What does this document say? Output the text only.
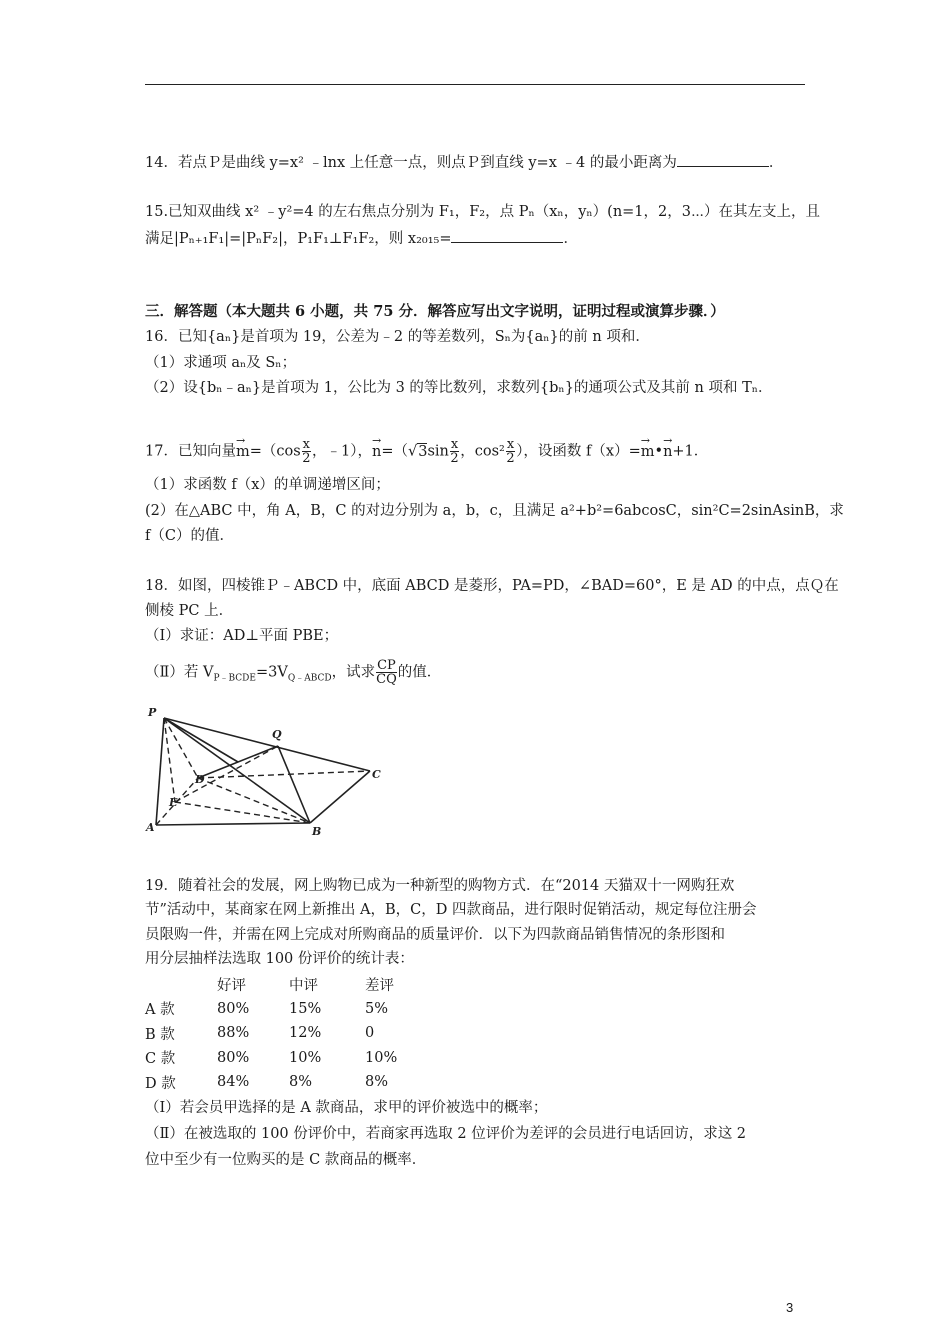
14．若点Ｐ是曲线 y=x² ﹣lnx 上任意一点，则点Ｐ到直线 y=x ﹣4 的最小距离为	．
15.已知双曲线 x² ﹣y²=4 的左右焦点分别为 F₁，F₂，点 Pₙ（xₙ，yₙ）(n=1，2，3⋯）在其左支上，且
满足|Pₙ₊₁F₁|=|PₙF₂|，P₁F₁⊥F₁F₂，则 x₂₀₁₅=	．
三．解答题（本大题共 6 小题，共 75 分．解答应写出文字说明，证明过程或演算步骤．）
16．已知{aₙ}是首项为 19，公差为﹣2 的等差数列，Sₙ为{aₙ}的前 n 项和．
（1）求通项 aₙ及 Sₙ；
（2）设{bₙ﹣aₙ}是首项为 1，公比为 3 的等比数列，求数列{bₙ}的通项公式及其前 n 项和 Tₙ．
17．已知向量→ $m=(\cos \frac{x}{2}$ ，﹣1），→ $n=(√3\sin \frac{x}{2}$ ，$\cos^2 \frac{x}{2}$ ），设函数 f（x）=→ m•→ n+1．
（1）求函数 f（x）的单调递增区间；
(2）在△ABC 中，角 A，B，C 的对边分别为 a，b，c，且满足 a²+b²=6abcosC，sin²C=2sinAsinB，求
f（C）的值．
18．如图，四棱锥Ｐ﹣ABCD 中，底面 ABCD 是菱形，PA=PD，∠BAD=60°，E 是 AD 的中点，点Ｑ在
侧棱 PC 上．
（Ⅰ）求证：AD⊥平面 PBE；
（Ⅱ）若 $V_{P﹣BCDE}=3V_{Q﹣ABCD}$，试求 $\frac{CP}{CQ}$ 的值．
P
Q
D	C
E
A	B
19．随着社会的发展，网上购物已成为一种新型的购物方式．在“2014 天猫双十一网购狂欢
节”活动中，某商家在网上新推出 A，B，C，D 四款商品，进行限时促销活动，规定每位注册会
员限购一件，并需在网上完成对所购商品的质量评价．以下为四款商品销售情况的条形图和
用分层抽样法选取 100 份评价的统计表：
	好评	中评	差评
A 款	80%	15%	5%
B 款	88%	12%	0
C 款	80%	10%	10%
D 款	84%	8%	8%
（Ⅰ）若会员甲选择的是 A 款商品，求甲的评价被选中的概率；
（Ⅱ）在被选取的 100 份评价中，若商家再选取 2 位评价为差评的会员进行电话回访，求这 2
位中至少有一位购买的是 C 款商品的概率．
3
